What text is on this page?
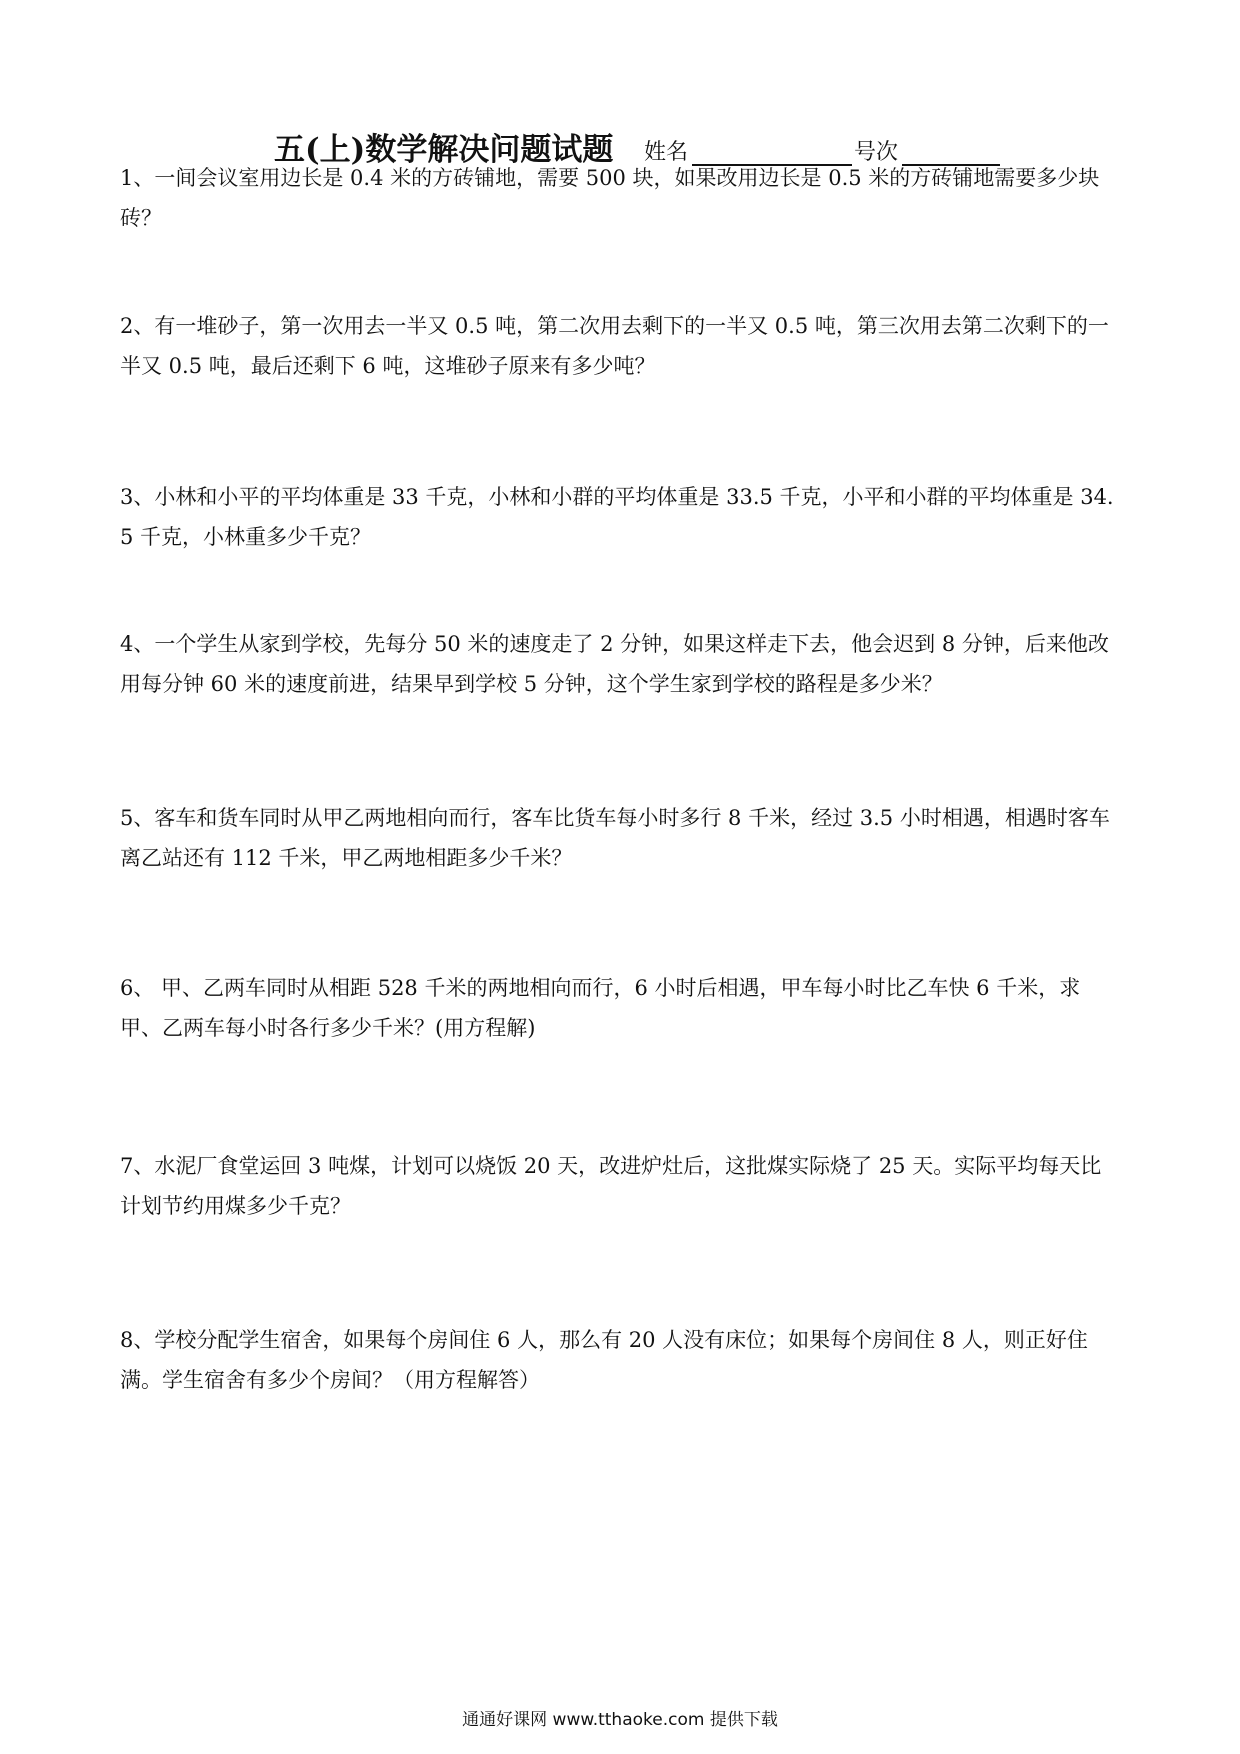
五(上)数学解决问题试题 姓名	号次
1、一间会议室用边长是 0.4 米的方砖铺地，需要 500 块，如果改用边长是 0.5 米的方砖铺地需要多少块砖？
2、有一堆砂子，第一次用去一半又 0.5 吨，第二次用去剩下的一半又 0.5 吨，第三次用去第二次剩下的一半又 0.5 吨，最后还剩下 6 吨，这堆砂子原来有多少吨？
3、小林和小平的平均体重是 33 千克，小林和小群的平均体重是 33.5 千克，小平和小群的平均体重是 34.5 千克，小林重多少千克？
4、一个学生从家到学校，先每分 50 米的速度走了 2 分钟，如果这样走下去，他会迟到 8 分钟，后来他改用每分钟 60 米的速度前进，结果早到学校 5 分钟，这个学生家到学校的路程是多少米？
5、客车和货车同时从甲乙两地相向而行，客车比货车每小时多行 8 千米，经过 3.5 小时相遇，相遇时客车离乙站还有 112 千米，甲乙两地相距多少千米？
6、 甲、乙两车同时从相距 528 千米的两地相向而行，6 小时后相遇，甲车每小时比乙车快 6 千米，求甲、乙两车每小时各行多少千米？(用方程解)
7、水泥厂食堂运回 3 吨煤，计划可以烧饭 20 天，改进炉灶后，这批煤实际烧了 25 天。实际平均每天比计划节约用煤多少千克？
8、学校分配学生宿舍，如果每个房间住 6 人，那么有 20 人没有床位；如果每个房间住 8 人，则正好住满。学生宿舍有多少个房间？（用方程解答）
通通好课网 www.tthaoke.com 提供下载
